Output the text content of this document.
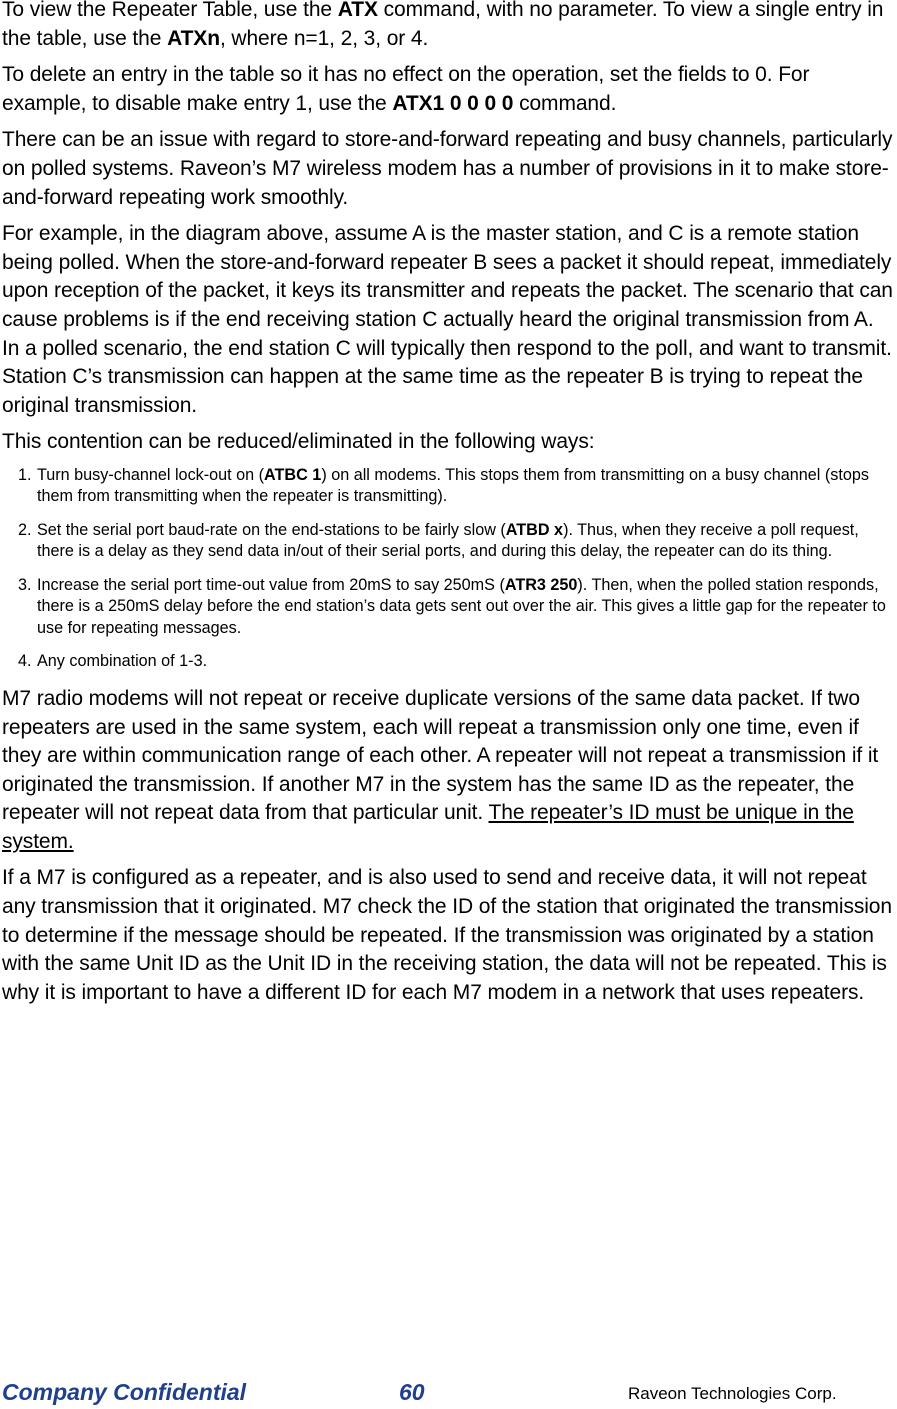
To view the Repeater Table, use the ATX command, with no parameter. To view a single entry in the table, use the ATXn, where n=1, 2, 3, or 4.

To delete an entry in the table so it has no effect on the operation, set the fields to 0. For example, to disable make entry 1, use the ATX1 0 0 0 0 command.

There can be an issue with regard to store-and-forward repeating and busy channels, particularly on polled systems. Raveon’s M7 wireless modem has a number of provisions in it to make store-and-forward repeating work smoothly.

For example, in the diagram above, assume A is the master station, and C is a remote station being polled. When the store-and-forward repeater B sees a packet it should repeat, immediately upon reception of the packet, it keys its transmitter and repeats the packet. The scenario that can cause problems is if the end receiving station C actually heard the original transmission from A. In a polled scenario, the end station C will typically then respond to the poll, and want to transmit. Station C’s transmission can happen at the same time as the repeater B is trying to repeat the original transmission.

This contention can be reduced/eliminated in the following ways:

1. Turn busy-channel lock-out on (ATBC 1) on all modems. This stops them from transmitting on a busy channel (stops them from transmitting when the repeater is transmitting).
2. Set the serial port baud-rate on the end-stations to be fairly slow (ATBD x). Thus, when they receive a poll request, there is a delay as they send data in/out of their serial ports, and during this delay, the repeater can do its thing.
3. Increase the serial port time-out value from 20mS to say 250mS (ATR3 250). Then, when the polled station responds, there is a 250mS delay before the end station’s data gets sent out over the air. This gives a little gap for the repeater to use for repeating messages.
4. Any combination of 1-3.

M7 radio modems will not repeat or receive duplicate versions of the same data packet. If two repeaters are used in the same system, each will repeat a transmission only one time, even if they are within communication range of each other. A repeater will not repeat a transmission if it originated the transmission. If another M7 in the system has the same ID as the repeater, the repeater will not repeat data from that particular unit. The repeater’s ID must be unique in the system.

If a M7 is configured as a repeater, and is also used to send and receive data, it will not repeat any transmission that it originated. M7 check the ID of the station that originated the transmission to determine if the message should be repeated. If the transmission was originated by a station with the same Unit ID as the Unit ID in the receiving station, the data will not be repeated. This is why it is important to have a different ID for each M7 modem in a network that uses repeaters.

Company Confidential	60	Raveon Technologies Corp.
